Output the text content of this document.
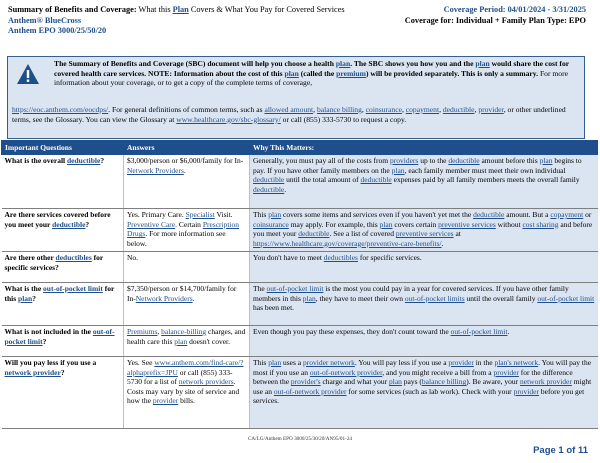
Summary of Benefits and Coverage: What this Plan Covers & What You Pay for Covered Services
Anthem® BlueCross
Anthem EPO 3000/25/50/20
Coverage Period: 04/01/2024 - 3/31/2025
Coverage for: Individual + Family Plan Type: EPO
The Summary of Benefits and Coverage (SBC) document will help you choose a health plan. The SBC shows you how you and the plan would share the cost for covered health care services. NOTE: Information about the cost of this plan (called the premium) will be provided separately. This is only a summary. For more information about your coverage, or to get a copy of the complete terms of coverage,
https://eoc.anthem.com/eocdps/. For general definitions of common terms, such as allowed amount, balance billing, coinsurance, copayment, deductible, provider, or other underlined terms, see the Glossary. You can view the Glossary at www.healthcare.gov/sbc-glossary/ or call (855) 333-5730 to request a copy.
Important Questions	Answers	Why This Matters:
What is the overall deductible?	$3,000/person or $6,000/family for In-Network Providers.	Generally, you must pay all of the costs from providers up to the deductible amount before this plan begins to pay. If you have other family members on the plan, each family member must meet their own individual deductible until the total amount of deductible expenses paid by all family members meets the overall family deductible.
Are there services covered before you meet your deductible?	Yes. Primary Care. Specialist Visit. Preventive Care. Certain Prescription Drugs. For more information see below.	This plan covers some items and services even if you haven't yet met the deductible amount. But a copayment or coinsurance may apply. For example, this plan covers certain preventive services without cost sharing and before you meet your deductible. See a list of covered preventive services at https://www.healthcare.gov/coverage/preventive-care-benefits/.
Are there other deductibles for specific services?	No.	You don't have to meet deductibles for specific services.
What is the out-of-pocket limit for this plan?	$7,350/person or $14,700/family for In-Network Providers.	The out-of-pocket limit is the most you could pay in a year for covered services. If you have other family members in this plan, they have to meet their own out-of-pocket limits until the overall family out-of-pocket limit has been met.
What is not included in the out-of-pocket limit?	Premiums, balance-billing charges, and health care this plan doesn't cover.	Even though you pay these expenses, they don't count toward the out-of-pocket limit.
Will you pay less if you use a network provider?	Yes. See www.anthem.com/find-care/?alphaprefix=JPU or call (855) 333-5730 for a list of network providers. Costs may vary by site of service and how the provider bills.	This plan uses a provider network. You will pay less if you use a provider in the plan's network. You will pay the most if you use an out-of-network provider, and you might receive a bill from a provider for the difference between the provider's charge and what your plan pays (balance billing). Be aware, your network provider might use an out-of-network provider for some services (such as lab work). Check with your provider before you get services.
CA/LG/Anthem EPO 3000/25/30/20/AN95/01-24
Page 1 of 11
